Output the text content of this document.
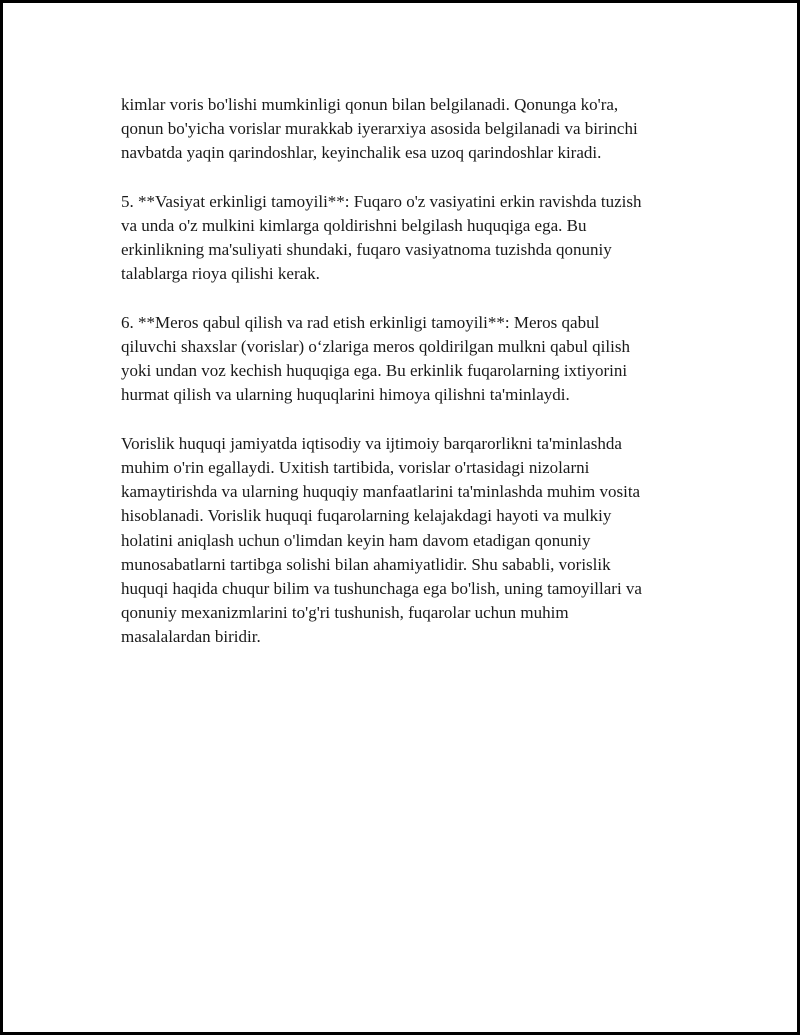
kimlar voris bo'lishi mumkinligi qonun bilan belgilanadi. Qonunga ko'ra,
qonun bo'yicha vorislar murakkab iyerarxiya asosida belgilanadi va birinchi
navbatda yaqin qarindoshlar, keyinchalik esa uzoq qarindoshlar kiradi.

5. **Vasiyat erkinligi tamoyili**: Fuqaro o'z vasiyatini erkin ravishda tuzish
va unda o'z mulkini kimlarga qoldirishni belgilash huquqiga ega. Bu
erkinlikning ma'suliyati shundaki, fuqaro vasiyatnoma tuzishda qonuniy
talablarga rioya qilishi kerak.

6. **Meros qabul qilish va rad etish erkinligi tamoyili**: Meros qabul
qiluvchi shaxslar (vorislar) o‘zlariga meros qoldirilgan mulkni qabul qilish
yoki undan voz kechish huquqiga ega. Bu erkinlik fuqarolarning ixtiyorini
hurmat qilish va ularning huquqlarini himoya qilishni ta'minlaydi.

Vorislik huquqi jamiyatda iqtisodiy va ijtimoiy barqarorlikni ta'minlashda
muhim o'rin egallaydi. Uxitish tartibida, vorislar o'rtasidagi nizolarni
kamaytirishda va ularning huquqiy manfaatlarini ta'minlashda muhim vosita
hisoblanadi. Vorislik huquqi fuqarolarning kelajakdagi hayoti va mulkiy
holatini aniqlash uchun o'limdan keyin ham davom etadigan qonuniy
munosabatlarni tartibga solishi bilan ahamiyatlidir. Shu sababli, vorislik
huquqi haqida chuqur bilim va tushunchaga ega bo'lish, uning tamoyillari va
qonuniy mexanizmlarini to'g'ri tushunish, fuqarolar uchun muhim
masalalardan biridir.
